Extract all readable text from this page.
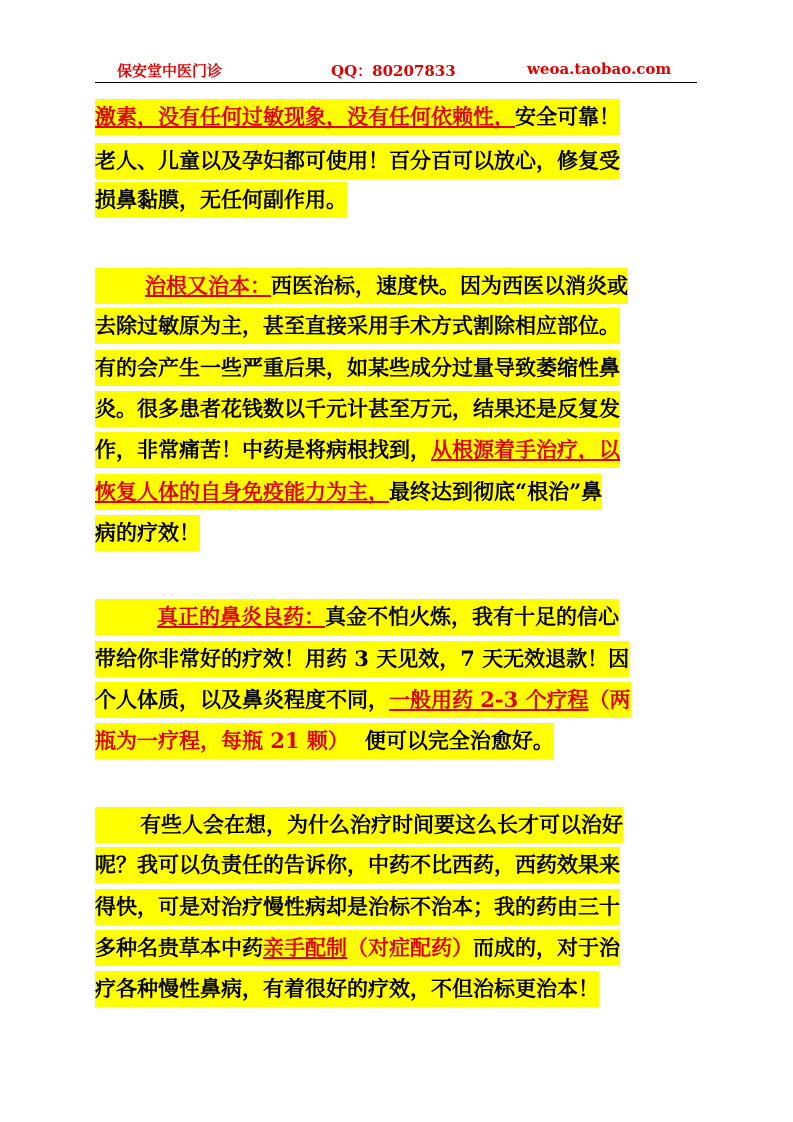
保安堂中医门诊	QQ：80207833	weoa.taobao.com
激素，没有任何过敏现象，没有任何依赖性，安全可靠！
老人、儿童以及孕妇都可使用！百分百可以放心，修复受
损鼻黏膜，无任何副作用。
治根又治本：西医治标，速度快。因为西医以消炎或
去除过敏原为主，甚至直接采用手术方式割除相应部位。
有的会产生一些严重后果，如某些成分过量导致萎缩性鼻
炎。很多患者花钱数以千元计甚至万元，结果还是反复发
作，非常痛苦！中药是将病根找到，从根源着手治疗，以
恢复人体的自身免疫能力为主，最终达到彻底“根治”鼻
病的疗效！
真正的鼻炎良药：真金不怕火炼，我有十足的信心
带给你非常好的疗效！用药 3 天见效，7 天无效退款！因
个人体质，以及鼻炎程度不同，一般用药 2-3 个疗程（两
瓶为一疗程，每瓶 21 颗） 便可以完全治愈好。
有些人会在想，为什么治疗时间要这么长才可以治好
呢？我可以负责任的告诉你，中药不比西药，西药效果来
得快，可是对治疗慢性病却是治标不治本；我的药由三十
多种名贵草本中药亲手配制（对症配药）而成的，对于治
疗各种慢性鼻病，有着很好的疗效，不但治标更治本！
